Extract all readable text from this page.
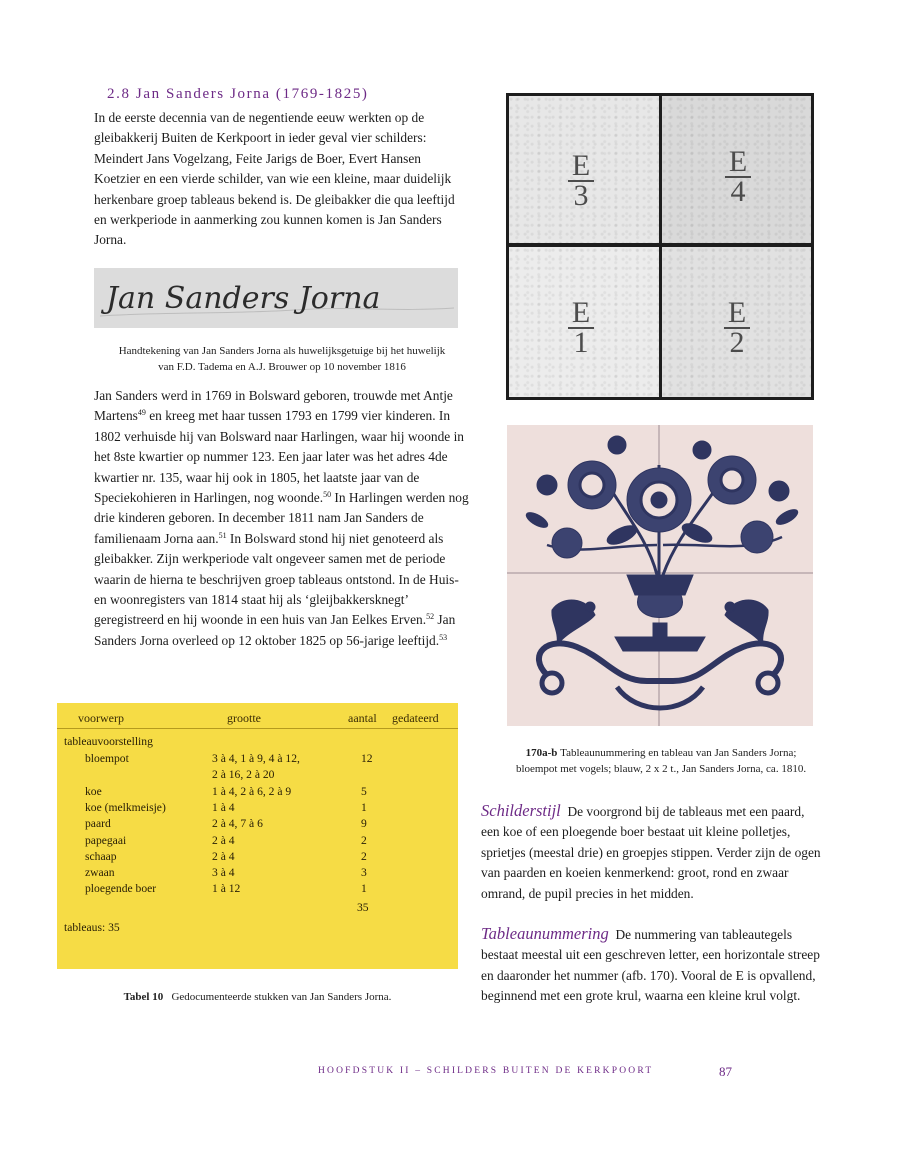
2.8 Jan Sanders Jorna (1769-1825)

In de eerste decennia van de negentiende eeuw werkten op de gleibakkerij Buiten de Kerkpoort in ieder geval vier schilders: Meindert Jans Vogelzang, Feite Jarigs de Boer, Evert Hansen Koetzier en een vierde schilder, van wie een kleine, maar duidelijk herkenbare groep tableaus bekend is. De gleibakker die qua leeftijd en werkperiode in aanmerking zou kunnen komen is Jan Sanders Jorna.

Jan Sanders Jorna
Handtekening van Jan Sanders Jorna als huwelijksgetuige bij het huwelijk
van F.D. Tadema en A.J. Brouwer op 10 november 1816

Jan Sanders werd in 1769 in Bolsward geboren, trouwde met Antje Martens$^{49}$ en kreeg met haar tussen 1793 en 1799 vier kinderen. In 1802 verhuisde hij van Bolsward naar Harlingen, waar hij woonde in het 8ste kwartier op nummer 123. Een jaar later was het adres 4de kwartier nr. 135, waar hij ook in 1805, het laatste jaar van de Speciekohieren in Harlingen, nog woonde.$^{50}$ In Harlingen werden nog drie kinderen geboren. In december 1811 nam Jan Sanders de familienaam Jorna aan.$^{51}$ In Bolsward stond hij niet genoteerd als gleibakker. Zijn werkperiode valt ongeveer samen met de periode waarin de hierna te beschrijven groep tableaus ontstond. In de Huis- en woonregisters van 1814 staat hij als ‘gleijbakkersknegt’ geregistreerd en hij woonde in een huis van Jan Eelkes Erven.$^{52}$ Jan Sanders Jorna overleed op 12 oktober 1825 op 56-jarige leeftijd.$^{53}$

voorwerp	grootte	aantal gedateerd
tableauvoorstelling
bloempot	3 à 4, 1 à 9, 4 à 12,	12
2 à 16, 2 à 20
koe	1 à 4, 2 à 6, 2 à 9	5
koe (melkmeisje)	1 à 4	1
paard	2 à 4, 7 à 6	9
papegaai	2 à 4	2
schaap	2 à 4	2
zwaan	3 à 4	3
ploegende boer	1 à 12	1
35
tableaus: 35
Tabel 10 Gedocumenteerde stukken van Jan Sanders Jorna.
E
3
E
4
E
1
E
2
170a-b Tableaunummering en tableau van Jan Sanders Jorna;
bloempot met vogels; blauw, 2 x 2 t., Jan Sanders Jorna, ca. 1810.

Schilderstijl De voorgrond bij de tableaus met een paard, een koe of een ploegende boer bestaat uit kleine polletjes, sprietjes (meestal drie) en groepjes stippen. Verder zijn de ogen van paarden en koeien kenmerkend: groot, rond en zwaar omrand, de pupil precies in het midden.

Tableaunummering De nummering van tableautegels bestaat meestal uit een geschreven letter, een horizontale streep en daaronder het nummer (afb. 170). Vooral de E is opvallend, beginnend met een grote krul, waarna een kleine krul volgt.

HOOFDSTUK II – SCHILDERS BUITEN DE KERKPOORT	87
